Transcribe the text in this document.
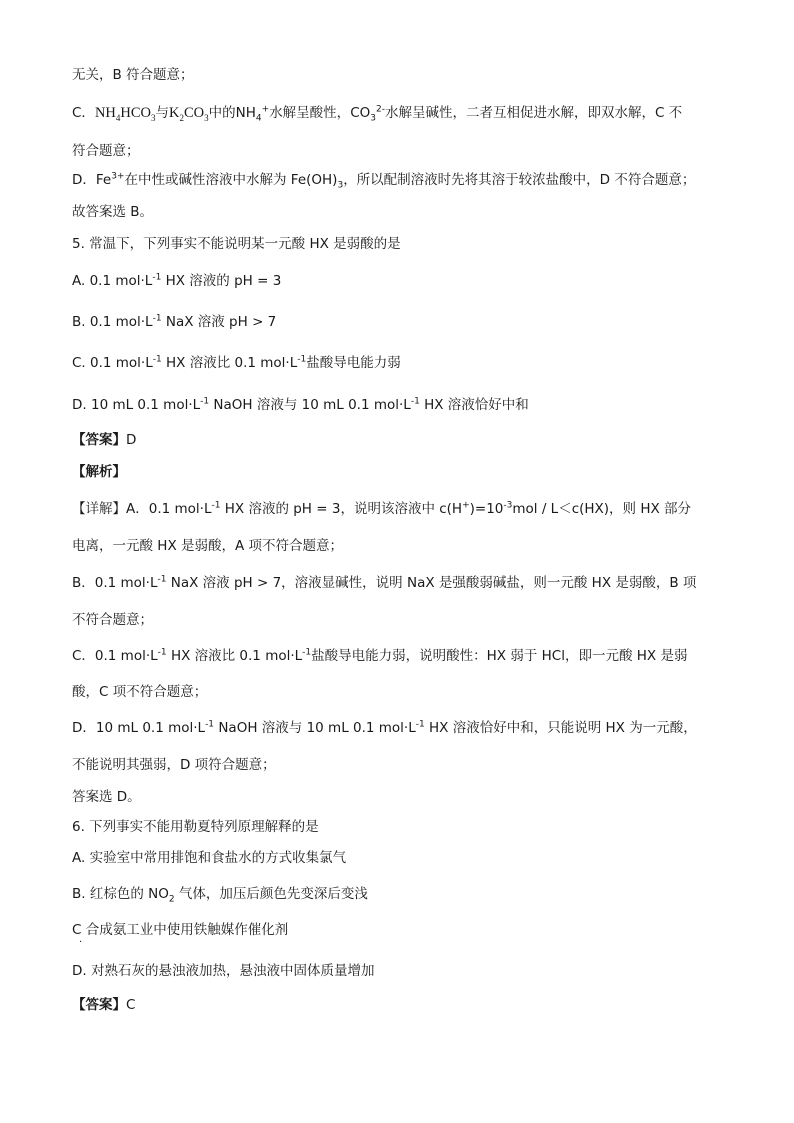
无关，B 符合题意；
C．$NH_4HCO_3$与$K_2CO_3$中的$NH_4^+$水解呈酸性，$CO_3^{2-}$水解呈碱性，二者互相促进水解，即双水解，C 不
符合题意；
D．$Fe^{3+}$在中性或碱性溶液中水解为 $Fe(OH)_3$，所以配制溶液时先将其溶于较浓盐酸中，D 不符合题意；
故答案选 B。
5. 常温下，下列事实不能说明某一元酸 HX 是弱酸的是
A. 0.1 $mol\cdot L^{-1}$ HX 溶液的 pH = 3
B. 0.1 $mol\cdot L^{-1}$ NaX 溶液 pH > 7
C. 0.1 $mol\cdot L^{-1}$ HX 溶液比 0.1 $mol\cdot L^{-1}$盐酸导电能力弱
D. 10 mL 0.1 $mol\cdot L^{-1}$ NaOH 溶液与 10 mL 0.1 $mol\cdot L^{-1}$ HX 溶液恰好中和
【答案】D
【解析】
【详解】A．0.1 $mol\cdot L^{-1}$ HX 溶液的 pH = 3，说明该溶液中 $c(H^+)=10^{-3}mol / L<c(HX)$，则 HX 部分
电离，一元酸 HX 是弱酸，A 项不符合题意；
B．0.1 $mol\cdot L^{-1}$ NaX 溶液 pH > 7，溶液显碱性，说明 NaX 是强酸弱碱盐，则一元酸 HX 是弱酸，B 项
不符合题意；
C．0.1 $mol\cdot L^{-1}$ HX 溶液比 0.1 $mol\cdot L^{-1}$盐酸导电能力弱，说明酸性：HX 弱于 HCl，即一元酸 HX 是弱
酸，C 项不符合题意；
D．10 mL 0.1 $mol\cdot L^{-1}$ NaOH 溶液与 10 mL 0.1 $mol\cdot L^{-1}$ HX 溶液恰好中和，只能说明 HX 为一元酸，
不能说明其强弱，D 项符合题意；
答案选 D。
6. 下列事实不能用勒夏特列原理解释的是
A. 实验室中常用排饱和食盐水的方式收集氯气
B. 红棕色的 $NO_2$ 气体，加压后颜色先变深后变浅
C 合成氨工业中使用铁触媒作催化剂
·
D. 对熟石灰的悬浊液加热，悬浊液中固体质量增加
【答案】C
